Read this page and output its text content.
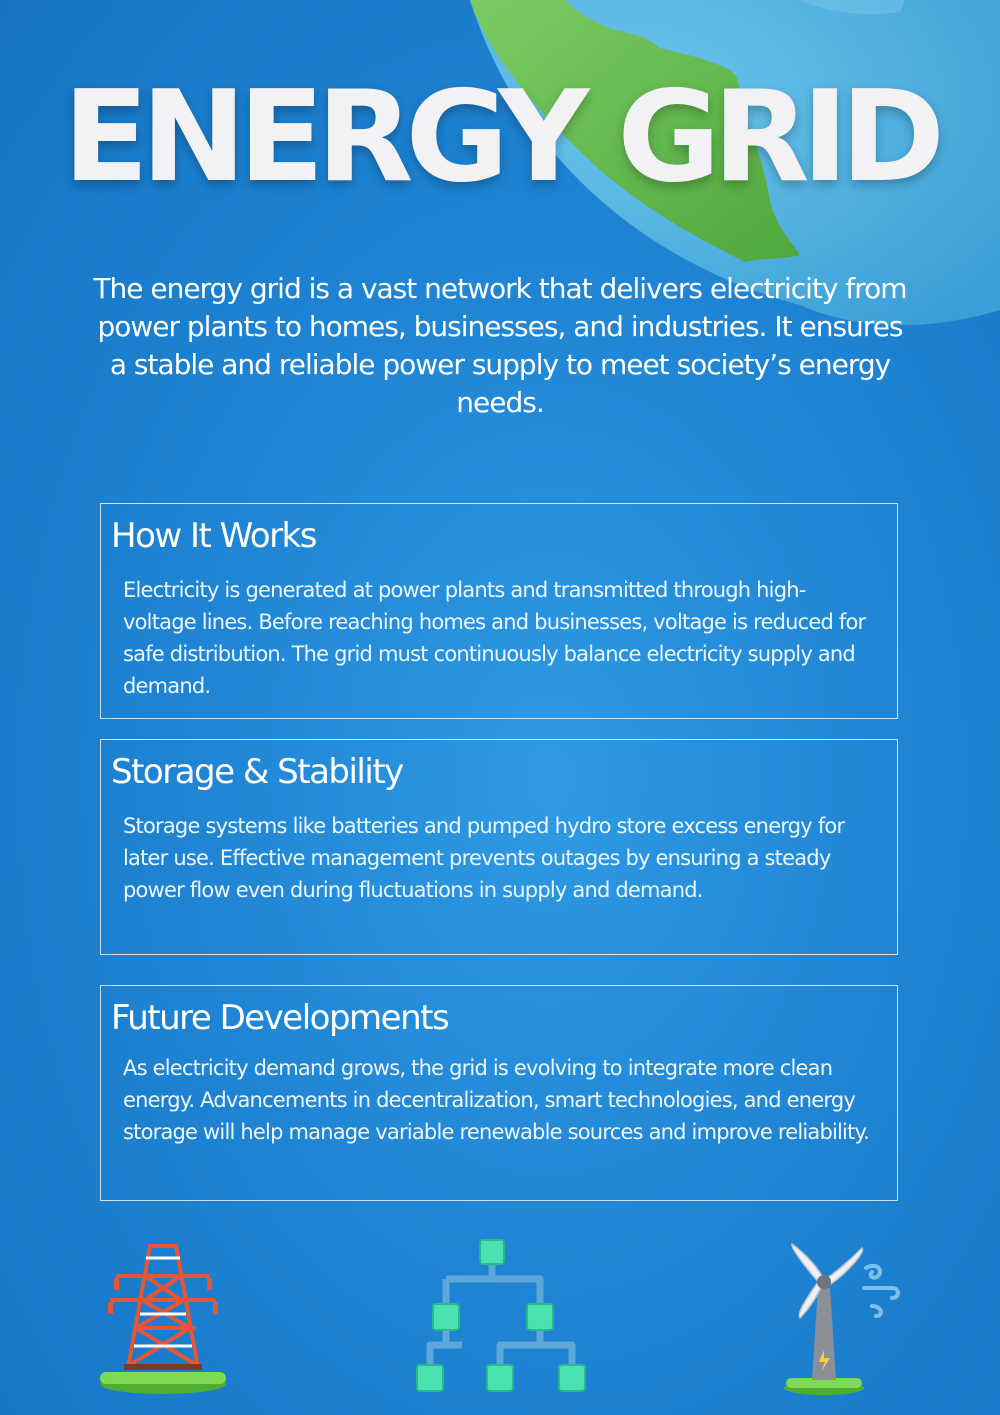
ENERGY GRID

The energy grid is a vast network that delivers electricity from power plants to homes, businesses, and industries. It ensures a stable and reliable power supply to meet society’s energy needs.

How It Works

Electricity is generated at power plants and transmitted through high-voltage lines. Before reaching homes and businesses, voltage is reduced for safe distribution. The grid must continuously balance electricity supply and demand.

Storage & Stability

Storage systems like batteries and pumped hydro store excess energy for later use. Effective management prevents outages by ensuring a steady power flow even during fluctuations in supply and demand.

Future Developments

As electricity demand grows, the grid is evolving to integrate more clean energy. Advancements in decentralization, smart technologies, and energy storage will help manage variable renewable sources and improve reliability.
